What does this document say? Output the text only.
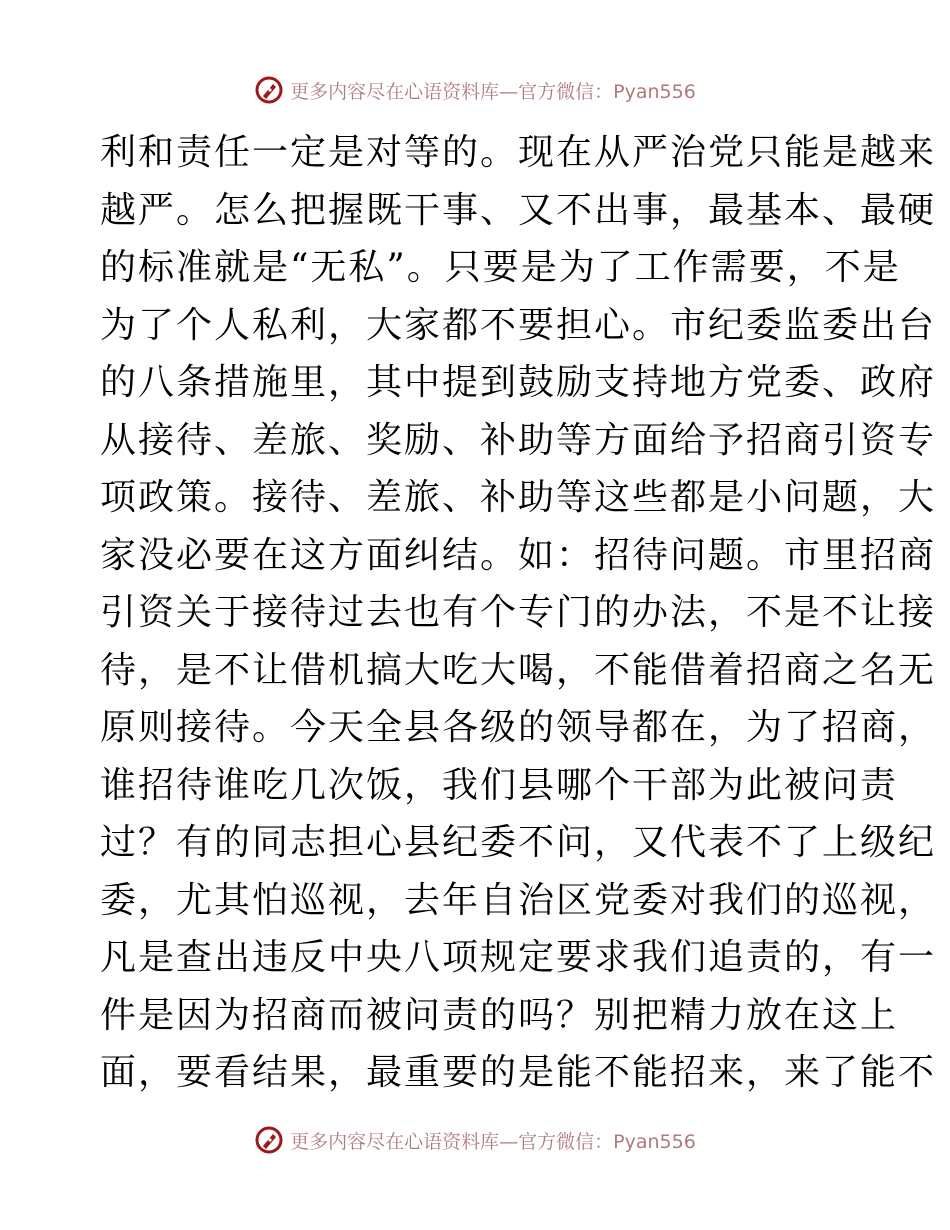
更多内容尽在心语资料库—官方微信：Pyan556
利和责任一定是对等的。现在从严治党只能是越来
越严。怎么把握既干事、又不出事，最基本、最硬
的标准就是“无私”。只要是为了工作需要，不是
为了个人私利，大家都不要担心。市纪委监委出台
的八条措施里，其中提到鼓励支持地方党委、政府
从接待、差旅、奖励、补助等方面给予招商引资专
项政策。接待、差旅、补助等这些都是小问题，大
家没必要在这方面纠结。如：招待问题。市里招商
引资关于接待过去也有个专门的办法，不是不让接
待，是不让借机搞大吃大喝，不能借着招商之名无
原则接待。今天全县各级的领导都在，为了招商，
谁招待谁吃几次饭，我们县哪个干部为此被问责
过？有的同志担心县纪委不问，又代表不了上级纪
委，尤其怕巡视，去年自治区党委对我们的巡视，
凡是查出违反中央八项规定要求我们追责的，有一
件是因为招商而被问责的吗？别把精力放在这上
面，要看结果，最重要的是能不能招来，来了能不
更多内容尽在心语资料库—官方微信：Pyan556
